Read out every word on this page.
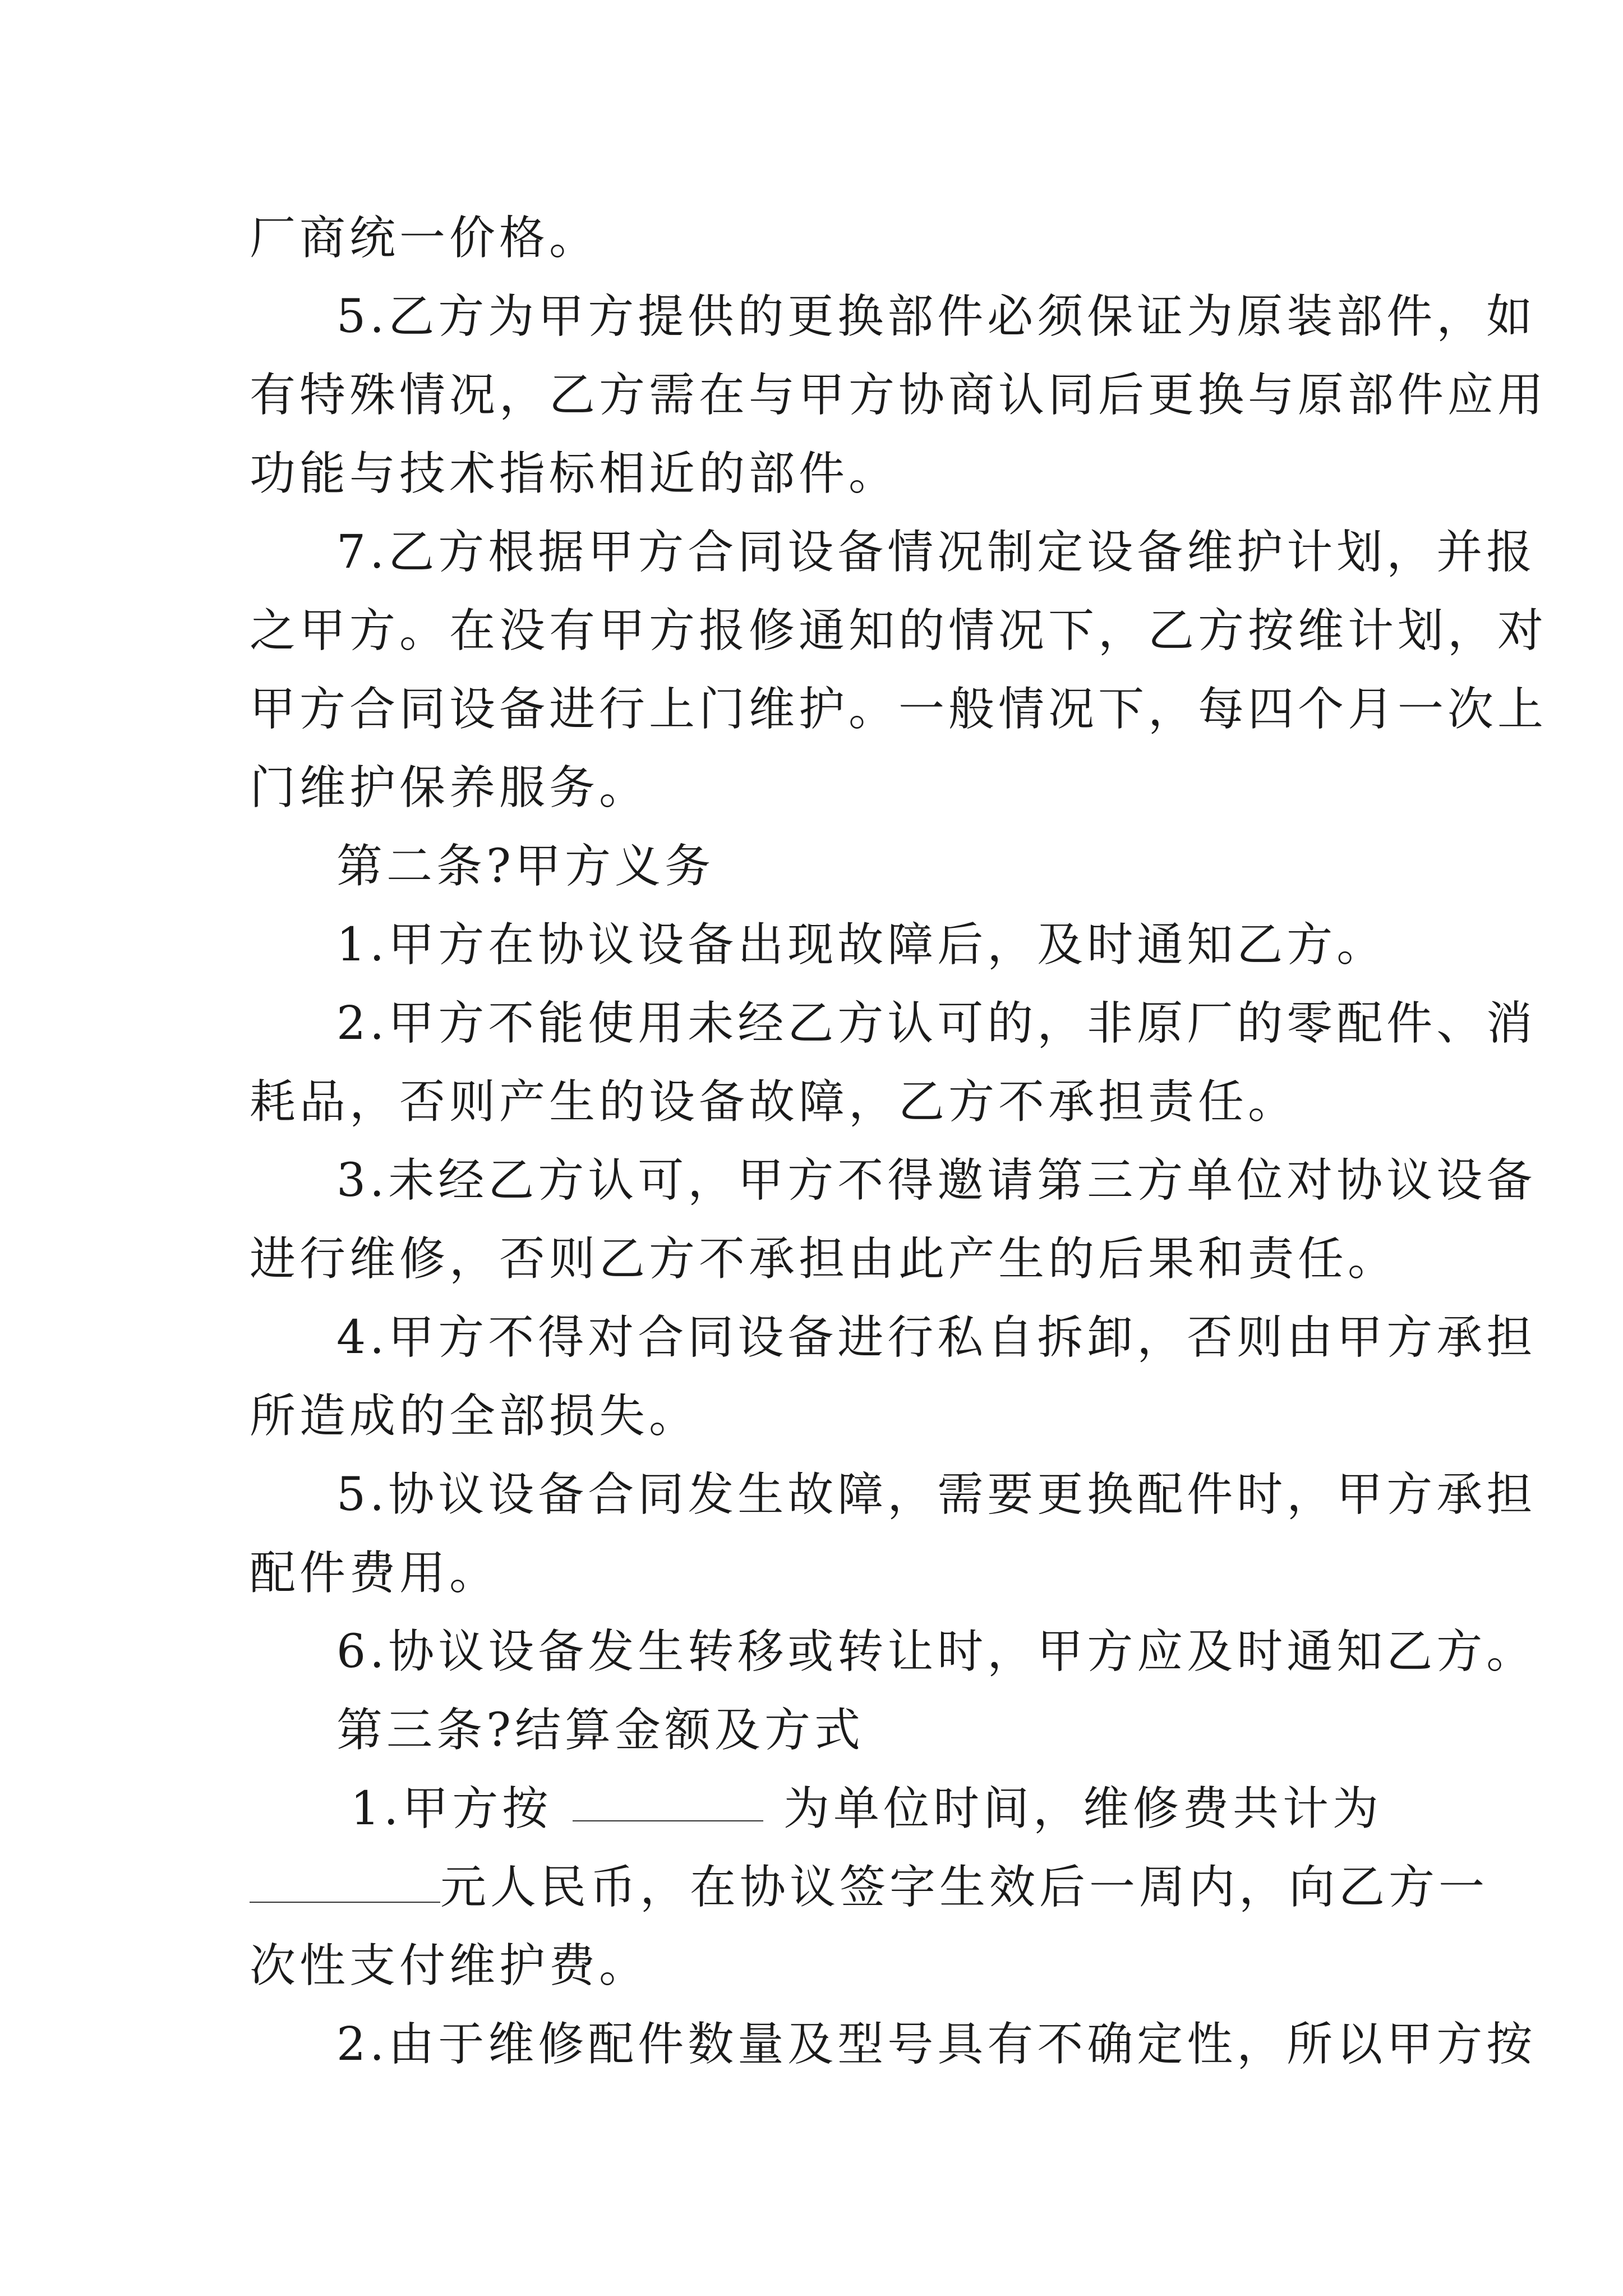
厂商统一价格。
5.乙方为甲方提供的更换部件必须保证为原装部件，如
有特殊情况，乙方需在与甲方协商认同后更换与原部件应用
功能与技术指标相近的部件。
7.乙方根据甲方合同设备情况制定设备维护计划，并报
之甲方。在没有甲方报修通知的情况下，乙方按维计划，对
甲方合同设备进行上门维护。一般情况下，每四个月一次上
门维护保养服务。
第二条?甲方义务
1.甲方在协议设备出现故障后，及时通知乙方。
2.甲方不能使用未经乙方认可的，非原厂的零配件、消
耗品，否则产生的设备故障，乙方不承担责任。
3.未经乙方认可，甲方不得邀请第三方单位对协议设备
进行维修，否则乙方不承担由此产生的后果和责任。
4.甲方不得对合同设备进行私自拆卸，否则由甲方承担
所造成的全部损失。
5.协议设备合同发生故障，需要更换配件时，甲方承担
配件费用。
6.协议设备发生转移或转让时，甲方应及时通知乙方。
第三条?结算金额及方式
1.甲方按	为单位时间，维修费共计为
元人民币，在协议签字生效后一周内，向乙方一
次性支付维护费。
2.由于维修配件数量及型号具有不确定性，所以甲方按
